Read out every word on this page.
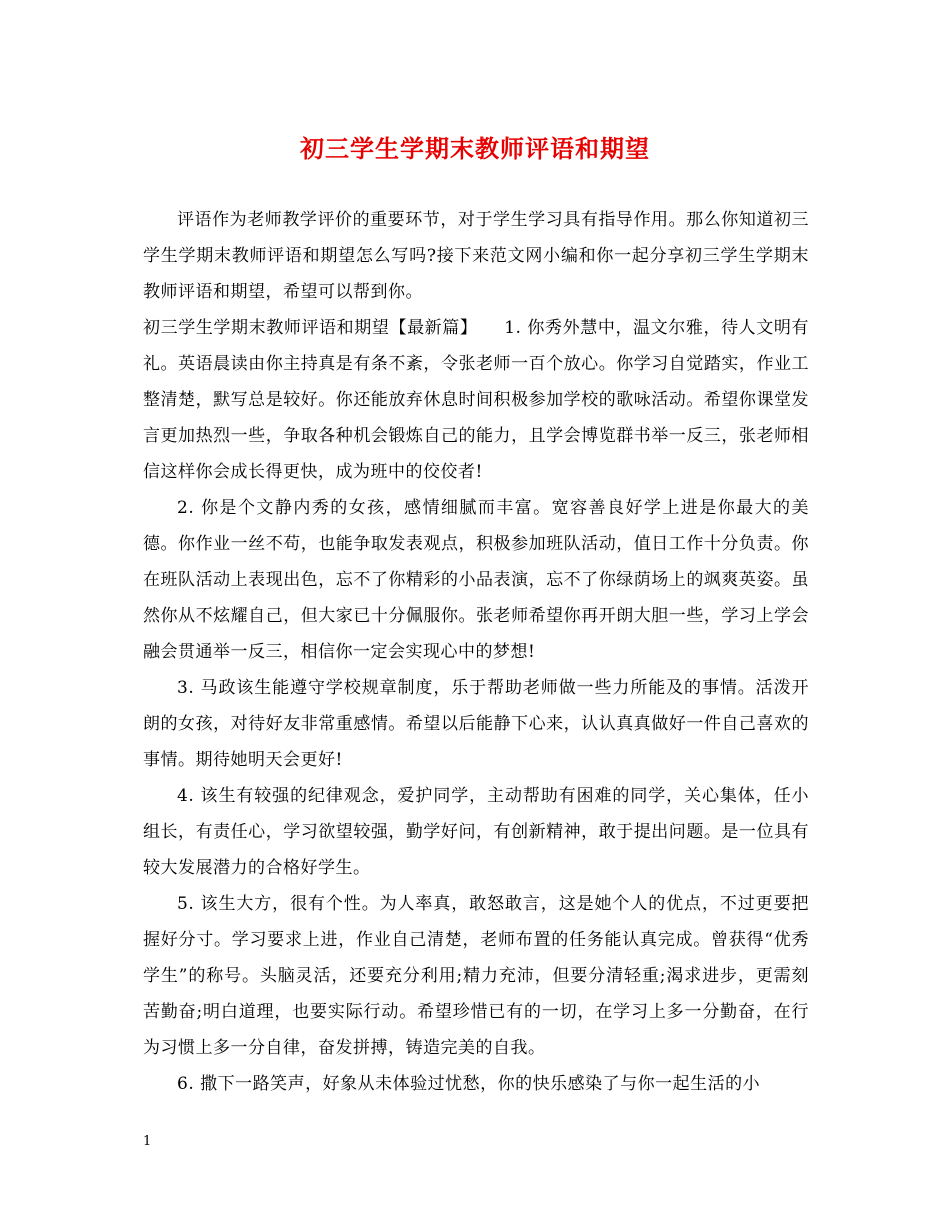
初三学生学期末教师评语和期望

评语作为老师教学评价的重要环节，对于学生学习具有指导作用。那么你知道初三学生学期末教师评语和期望怎么写吗?接下来范文网小编和你一起分享初三学生学期末教师评语和期望，希望可以帮到你。

初三学生学期末教师评语和期望【最新篇】　　1. 你秀外慧中，温文尔雅，待人文明有礼。英语晨读由你主持真是有条不紊，令张老师一百个放心。你学习自觉踏实，作业工整清楚，默写总是较好。你还能放弃休息时间积极参加学校的歌咏活动。希望你课堂发言更加热烈一些，争取各种机会锻炼自己的能力，且学会博览群书举一反三，张老师相信这样你会成长得更快，成为班中的佼佼者!

2. 你是个文静内秀的女孩，感情细腻而丰富。宽容善良好学上进是你最大的美德。你作业一丝不苟，也能争取发表观点，积极参加班队活动，值日工作十分负责。你在班队活动上表现出色，忘不了你精彩的小品表演，忘不了你绿荫场上的飒爽英姿。虽然你从不炫耀自己，但大家已十分佩服你。张老师希望你再开朗大胆一些，学习上学会融会贯通举一反三，相信你一定会实现心中的梦想!

3. 马政该生能遵守学校规章制度，乐于帮助老师做一些力所能及的事情。活泼开朗的女孩，对待好友非常重感情。希望以后能静下心来，认认真真做好一件自己喜欢的事情。期待她明天会更好!

4. 该生有较强的纪律观念，爱护同学，主动帮助有困难的同学，关心集体，任小组长，有责任心，学习欲望较强，勤学好问，有创新精神，敢于提出问题。是一位具有较大发展潜力的合格好学生。

5. 该生大方，很有个性。为人率真，敢怒敢言，这是她个人的优点，不过更要把握好分寸。学习要求上进，作业自己清楚，老师布置的任务能认真完成。曾获得“优秀学生”的称号。头脑灵活，还要充分利用;精力充沛，但要分清轻重;渴求进步，更需刻苦勤奋;明白道理，也要实际行动。希望珍惜已有的一切，在学习上多一分勤奋，在行为习惯上多一分自律，奋发拼搏，铸造完美的自我。

6. 撒下一路笑声，好象从未体验过忧愁，你的快乐感染了与你一起生活的小

1
